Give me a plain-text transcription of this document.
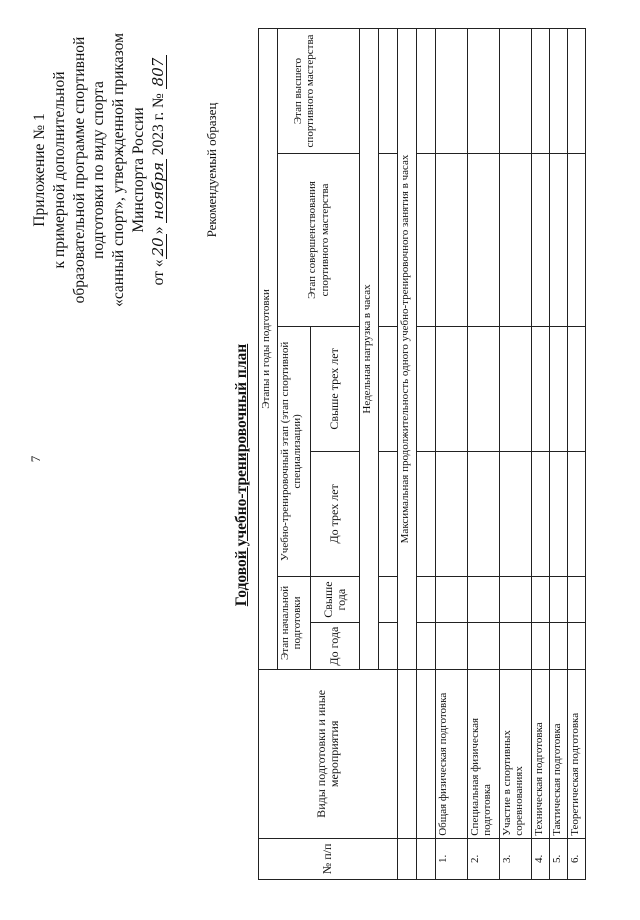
7
Приложение № 1 к примерной дополнительной образовательной программе спортивной подготовки по виду спорта «санный спорт», утвержденной приказом Минспорта России
от «20» ноября 2023 г. № 807
Рекомендуемый образец
Годовой учебно-тренировочный план
№ п/п	Виды подготовки и иные мероприятия	Этапы и годы подготовки					
		Этап начальной подготовки		Учебно-тренировочный этап (этап спортивной специализации)		Этап совершенствования спортивного мастерства	Этап высшего спортивного мастерства
		До года	Свыше года	До трех лет	Свыше трех лет		
		Недельная нагрузка в часах					

		Максимальная продолжительность одного учебно-тренировочного занятия в часах					

1.	Общая физическая подготовка						
2.	Специальная физическая подготовка						
3.	Участие в спортивных соревнованиях						
4.	Техническая подготовка						
5.	Тактическая подготовка						
6.	Теоретическая подготовка						
